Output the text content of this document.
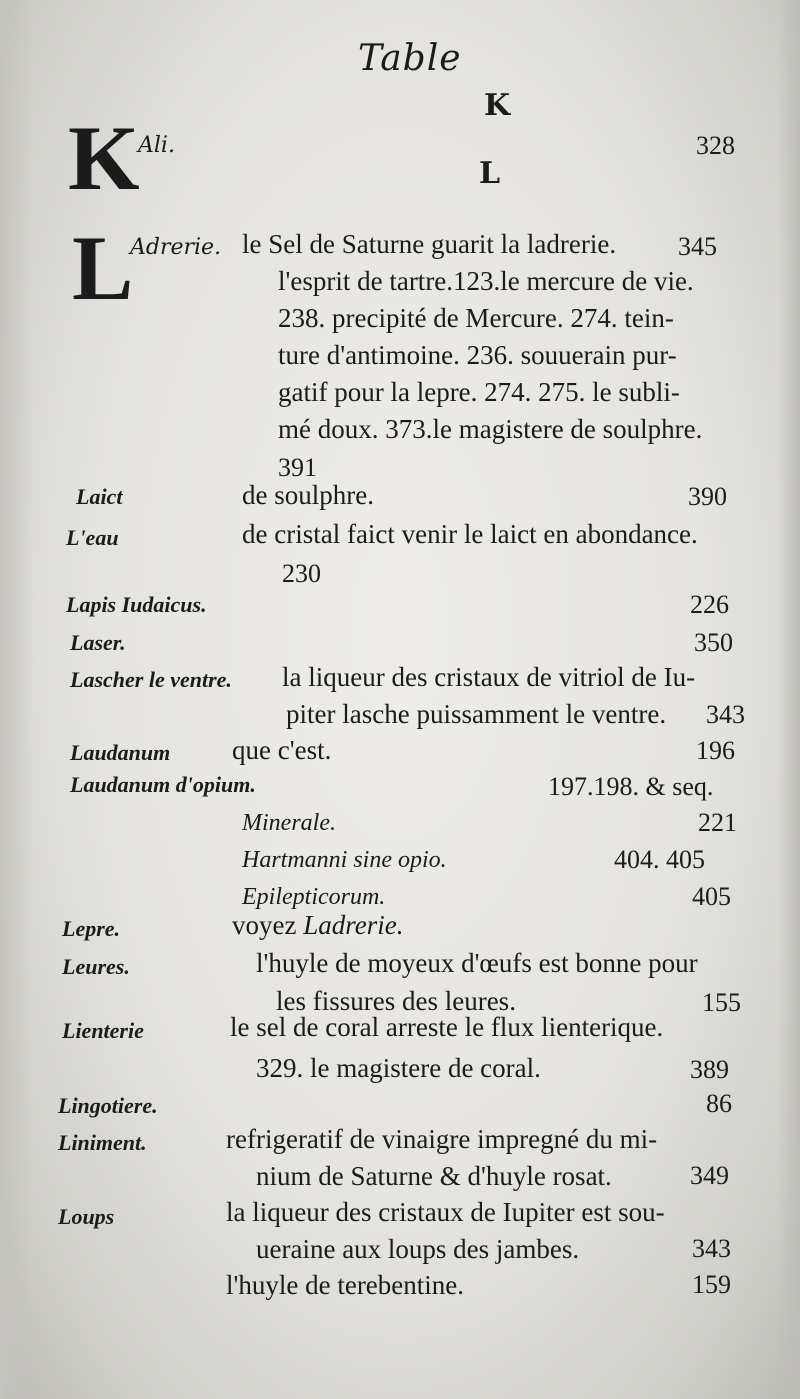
Table
K
K
Ali.	328
L
L
Adrerie. le Sel de Saturne guarit la ladrerie. 345
l'esprit de tartre.123.le mercure de vie.
238. precipité de Mercure. 274. tein-
ture d'antimoine. 236. souuerain pur-
gatif pour la lepre. 274. 275. le subli-
mé doux. 373.le magistere de soulphre.
391
Laict	de soulphre.	390
L'eau	de cristal faict venir le laict en abondance.
230
Lapis Iudaicus.	226
Laser.	350
Lascher le ventre. la liqueur des cristaux de vitriol de Iu-
piter lasche puissamment le ventre. 343
Laudanum que c'est.	196
Laudanum d'opium.	197.198. & seq.
Minerale.	221
Hartmanni sine opio.	404. 405
Epilepticorum.	405
Lepre.	voyez Ladrerie.
Leures.	l'huyle de moyeux d'œufs est bonne pour
les fissures des leures.	155
Lienterie	le sel de coral arreste le flux lienterique.
329. le magistere de coral.	389
Lingotiere.	86
Liniment.	refrigeratif de vinaigre impregné du mi-
nium de Saturne & d'huyle rosat.	349
Loups	la liqueur des cristaux de Iupiter est sou-
ueraine aux loups des jambes.	343
l'huyle de terebentine.	159
